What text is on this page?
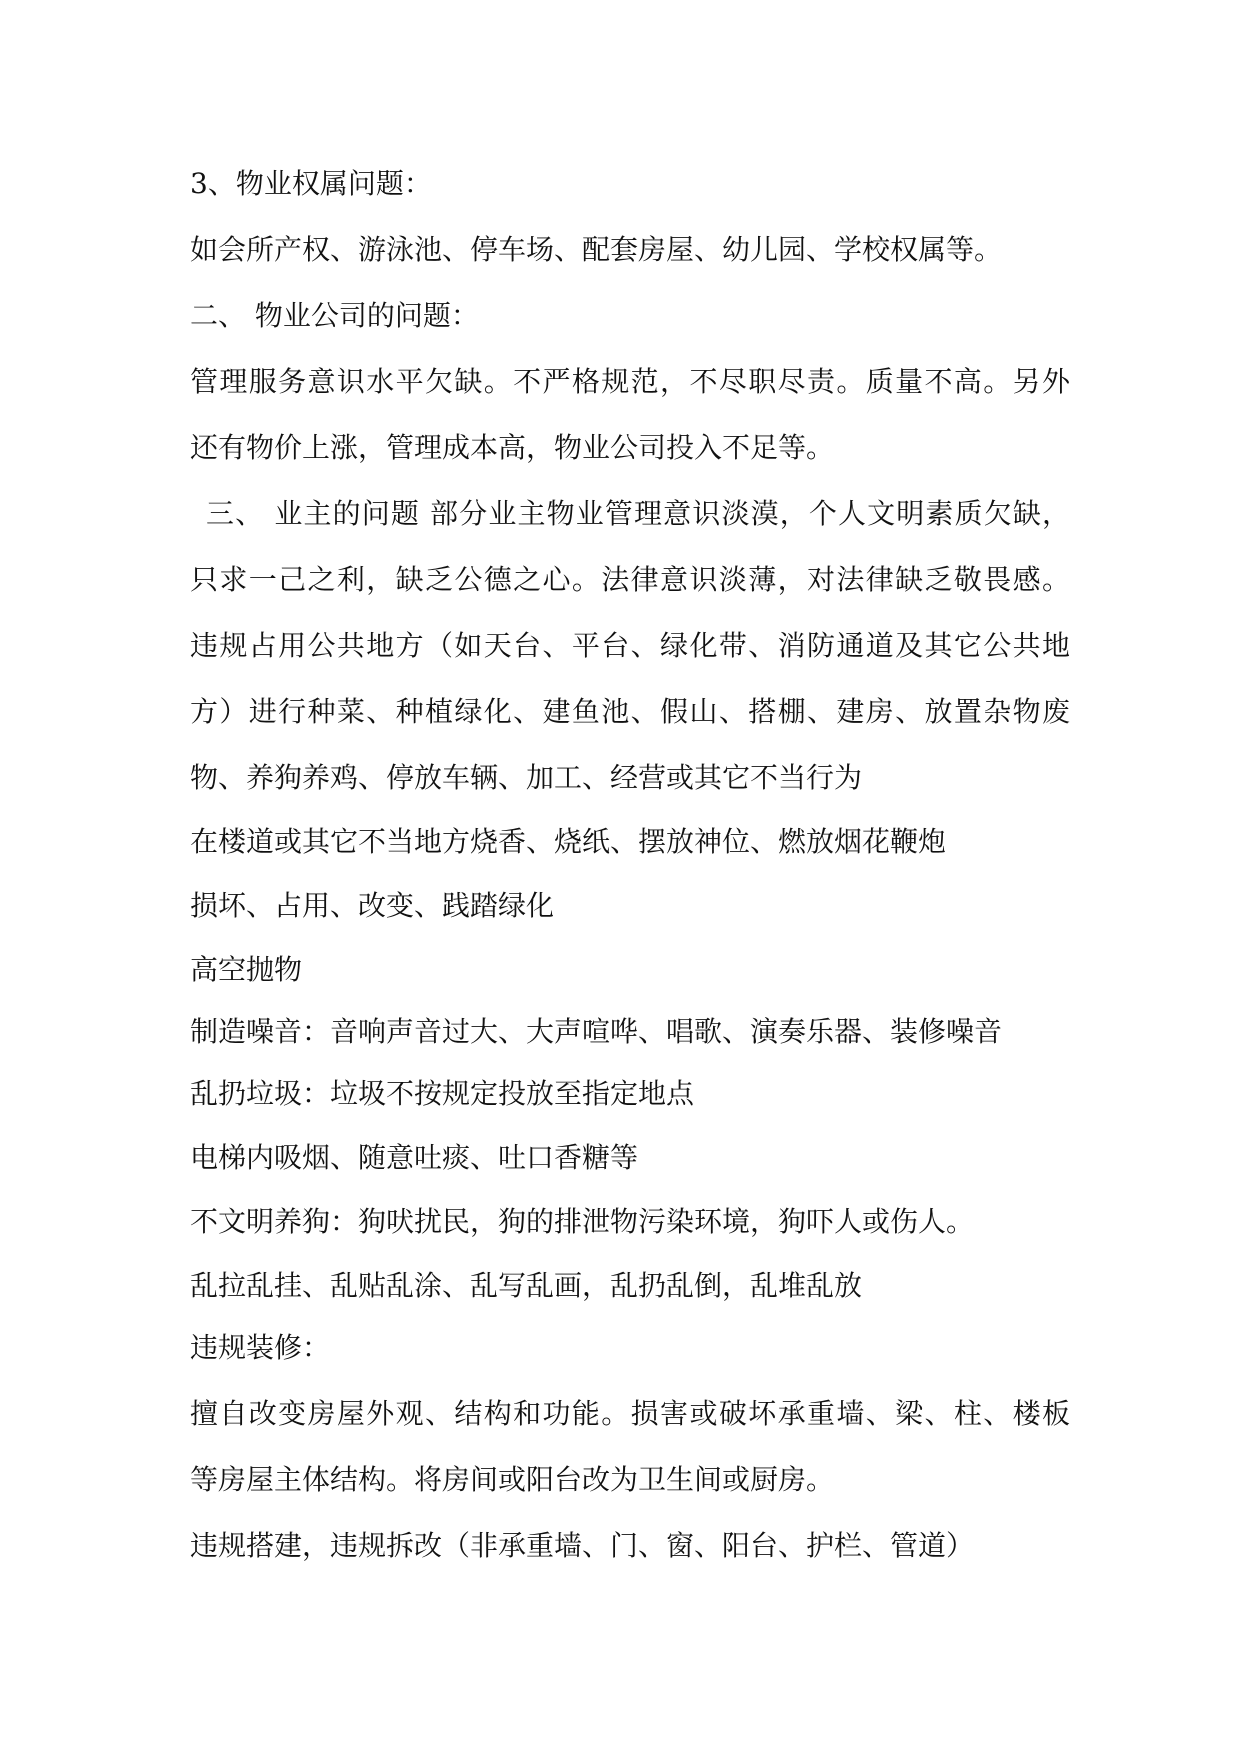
3、物业权属问题：
如会所产权、游泳池、停车场、配套房屋、幼儿园、学校权属等。
二、 物业公司的问题：
管理服务意识水平欠缺。不严格规范，不尽职尽责。质量不高。另外
还有物价上涨，管理成本高，物业公司投入不足等。
三、 业主的问题 部分业主物业管理意识淡漠，个人文明素质欠缺，
只求一己之利，缺乏公德之心。法律意识淡薄，对法律缺乏敬畏感。
违规占用公共地方（如天台、平台、绿化带、消防通道及其它公共地
方）进行种菜、种植绿化、建鱼池、假山、搭棚、建房、放置杂物废
物、养狗养鸡、停放车辆、加工、经营或其它不当行为
在楼道或其它不当地方烧香、烧纸、摆放神位、燃放烟花鞭炮
损坏、占用、改变、践踏绿化
高空抛物
制造噪音：音响声音过大、大声喧哗、唱歌、演奏乐器、装修噪音
乱扔垃圾：垃圾不按规定投放至指定地点
电梯内吸烟、随意吐痰、吐口香糖等
不文明养狗：狗吠扰民，狗的排泄物污染环境，狗吓人或伤人。
乱拉乱挂、乱贴乱涂、乱写乱画，乱扔乱倒，乱堆乱放
违规装修：
擅自改变房屋外观、结构和功能。损害或破坏承重墙、梁、柱、楼板
等房屋主体结构。将房间或阳台改为卫生间或厨房。
违规搭建，违规拆改（非承重墙、门、窗、阳台、护栏、管道）
